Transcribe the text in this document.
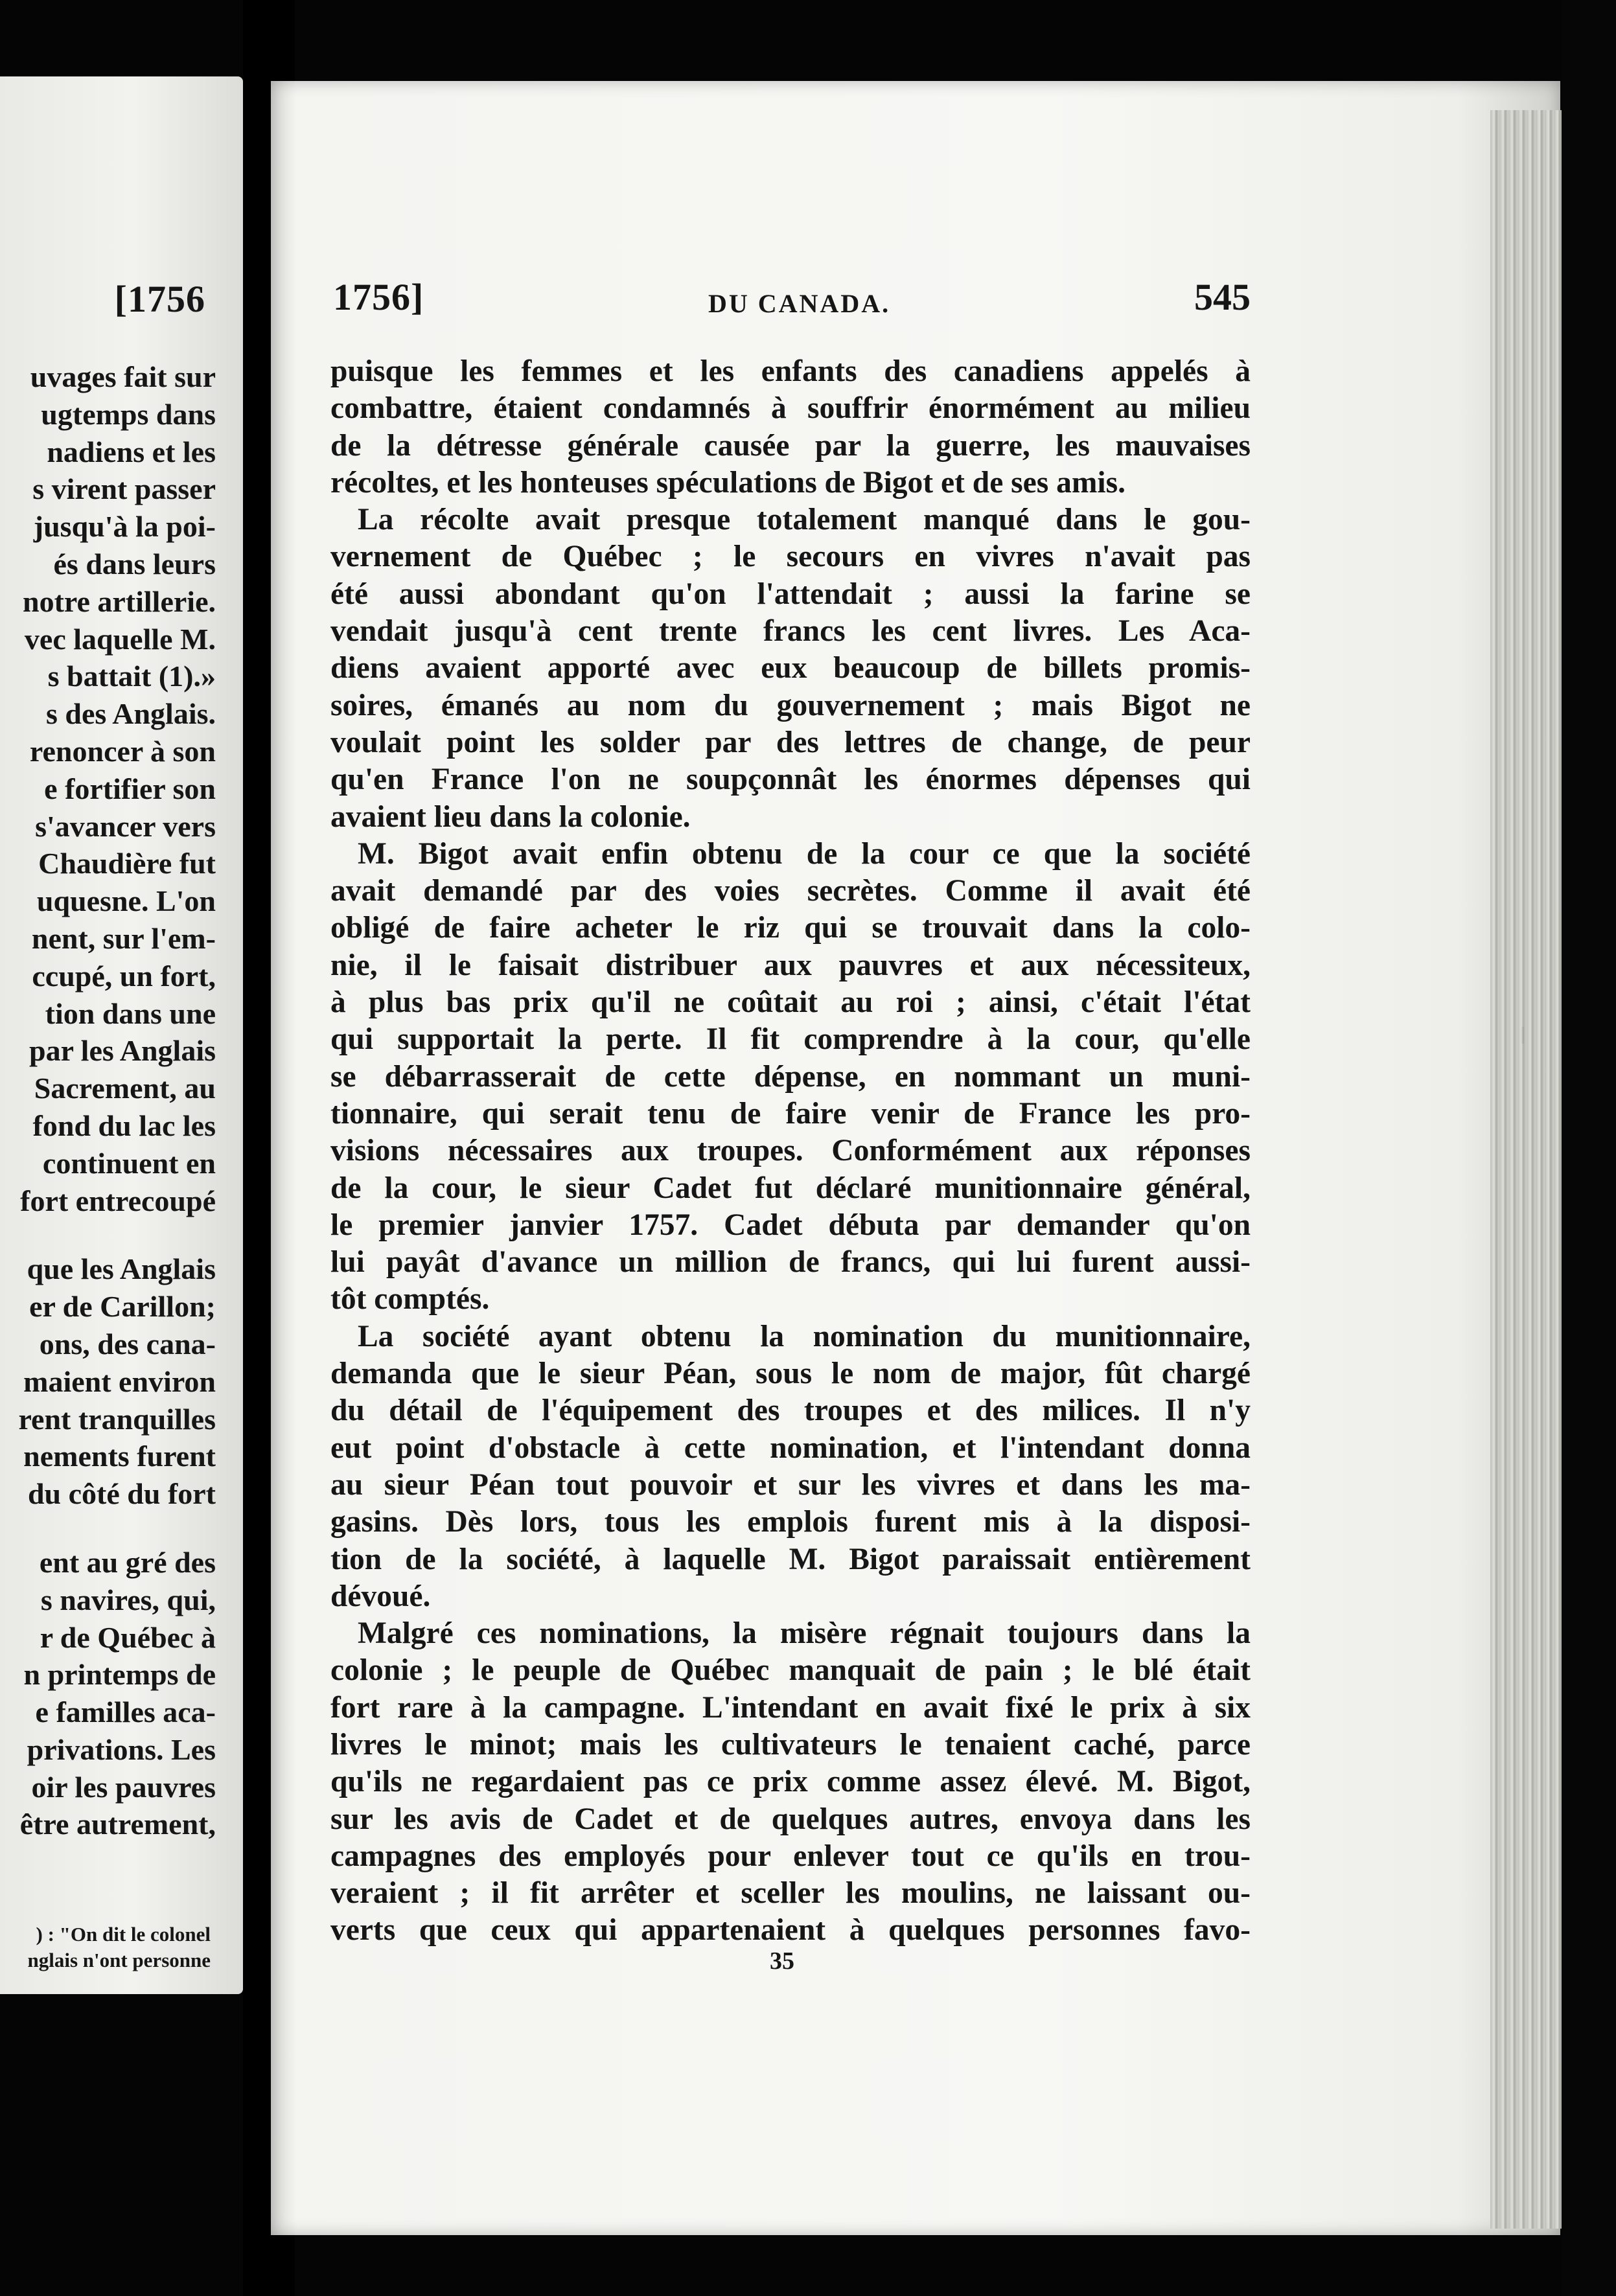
[1756
uvages fait sur
ugtemps dans
nadiens et les
s virent passer
jusqu'à la poi-
és dans leurs
notre artillerie.
vec laquelle M.
s battait (1).»
s des Anglais.
renoncer à son
e fortifier son
s'avancer vers
Chaudière fut
uquesne. L'on
nent, sur l'em-
ccupé, un fort,
tion dans une
par les Anglais
Sacrement, au
fond du lac les
continuent en
fort entrecoupé
que les Anglais
er de Carillon;
ons, des cana-
maient environ
rent tranquilles
nements furent
du côté du fort
ent au gré des
s navires, qui,
r de Québec à
n printemps de
e familles aca-
privations. Les
oir les pauvres
être autrement,
) : "On dit le colonel
nglais n'ont personne
1756]	DU CANADA.	545
puisque les femmes et les enfants des canadiens appelés à
combattre, étaient condamnés à souffrir énormément au milieu
de la détresse générale causée par la guerre, les mauvaises
récoltes, et les honteuses spéculations de Bigot et de ses amis.
La récolte avait presque totalement manqué dans le gou-
vernement de Québec ; le secours en vivres n'avait pas
été aussi abondant qu'on l'attendait ; aussi la farine se
vendait jusqu'à cent trente francs les cent livres. Les Aca-
diens avaient apporté avec eux beaucoup de billets promis-
soires, émanés au nom du gouvernement ; mais Bigot ne
voulait point les solder par des lettres de change, de peur
qu'en France l'on ne soupçonnât les énormes dépenses qui
avaient lieu dans la colonie.
M. Bigot avait enfin obtenu de la cour ce que la société
avait demandé par des voies secrètes. Comme il avait été
obligé de faire acheter le riz qui se trouvait dans la colo-
nie, il le faisait distribuer aux pauvres et aux nécessiteux,
à plus bas prix qu'il ne coûtait au roi ; ainsi, c'était l'état
qui supportait la perte. Il fit comprendre à la cour, qu'elle
se débarrasserait de cette dépense, en nommant un muni-
tionnaire, qui serait tenu de faire venir de France les pro-
visions nécessaires aux troupes. Conformément aux réponses
de la cour, le sieur Cadet fut déclaré munitionnaire général,
le premier janvier 1757. Cadet débuta par demander qu'on
lui payât d'avance un million de francs, qui lui furent aussi-
tôt comptés.
La société ayant obtenu la nomination du munitionnaire,
demanda que le sieur Péan, sous le nom de major, fût chargé
du détail de l'équipement des troupes et des milices. Il n'y
eut point d'obstacle à cette nomination, et l'intendant donna
au sieur Péan tout pouvoir et sur les vivres et dans les ma-
gasins. Dès lors, tous les emplois furent mis à la disposi-
tion de la société, à laquelle M. Bigot paraissait entièrement
dévoué.
Malgré ces nominations, la misère régnait toujours dans la
colonie ; le peuple de Québec manquait de pain ; le blé était
fort rare à la campagne. L'intendant en avait fixé le prix à six
livres le minot; mais les cultivateurs le tenaient caché, parce
qu'ils ne regardaient pas ce prix comme assez élevé. M. Bigot,
sur les avis de Cadet et de quelques autres, envoya dans les
campagnes des employés pour enlever tout ce qu'ils en trou-
veraient ; il fit arrêter et sceller les moulins, ne laissant ou-
verts que ceux qui appartenaient à quelques personnes favo-
35
